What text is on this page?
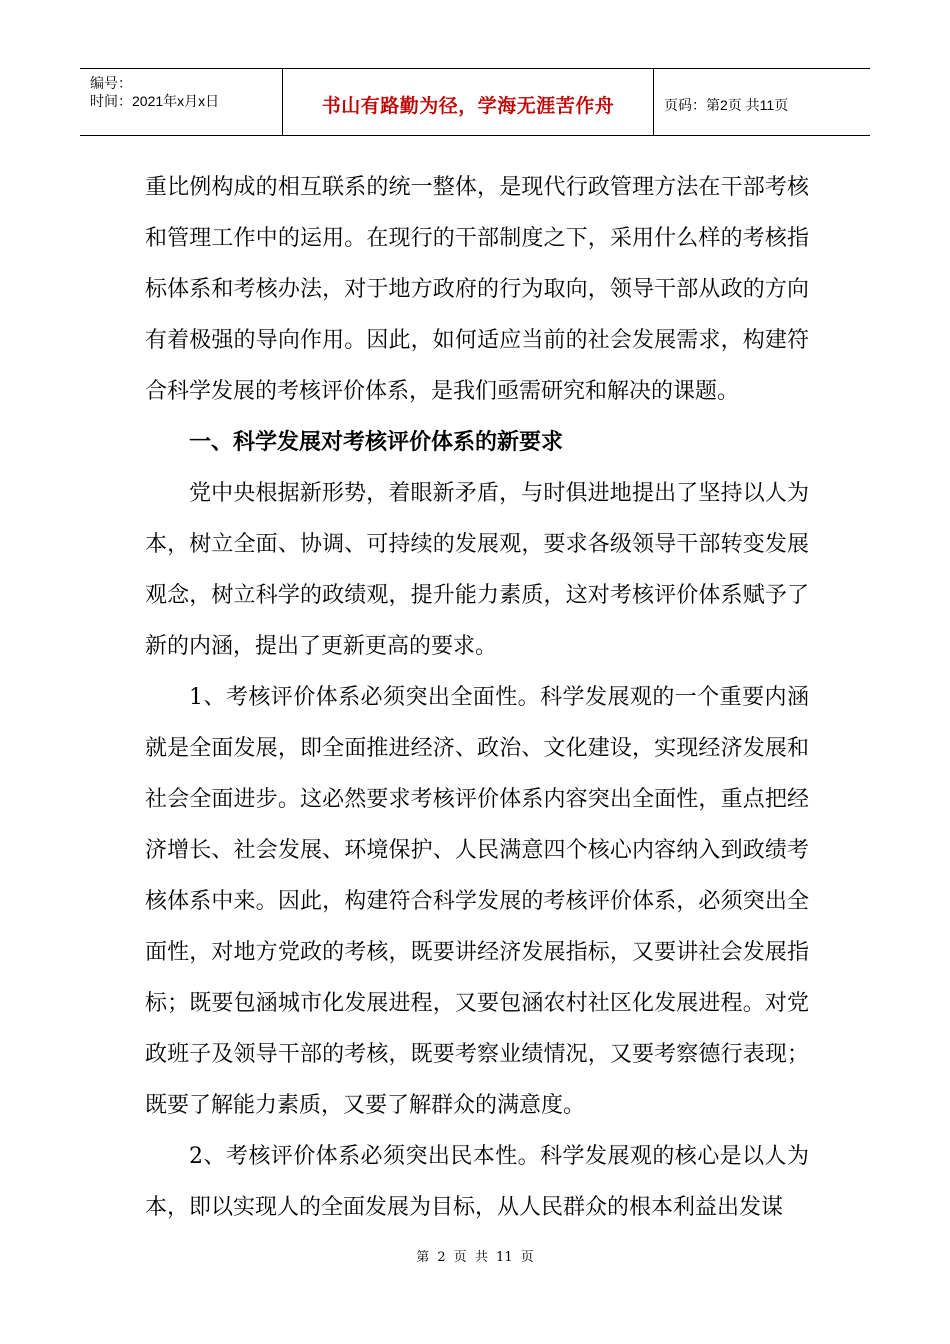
编号：
时间：2021年x月x日	书山有路勤为径，学海无涯苦作舟	页码：第2页 共11页

重比例构成的相互联系的统一整体，是现代行政管理方法在干部考核和管理工作中的运用。在现行的干部制度之下，采用什么样的考核指标体系和考核办法，对于地方政府的行为取向，领导干部从政的方向有着极强的导向作用。因此，如何适应当前的社会发展需求，构建符合科学发展的考核评价体系，是我们亟需研究和解决的课题。

一、科学发展对考核评价体系的新要求

党中央根据新形势，着眼新矛盾，与时俱进地提出了坚持以人为本，树立全面、协调、可持续的发展观，要求各级领导干部转变发展观念，树立科学的政绩观，提升能力素质，这对考核评价体系赋予了新的内涵，提出了更新更高的要求。

1、考核评价体系必须突出全面性。科学发展观的一个重要内涵就是全面发展，即全面推进经济、政治、文化建设，实现经济发展和社会全面进步。这必然要求考核评价体系内容突出全面性，重点把经济增长、社会发展、环境保护、人民满意四个核心内容纳入到政绩考核体系中来。因此，构建符合科学发展的考核评价体系，必须突出全面性，对地方党政的考核，既要讲经济发展指标，又要讲社会发展指标；既要包涵城市化发展进程，又要包涵农村社区化发展进程。对党政班子及领导干部的考核，既要考察业绩情况，又要考察德行表现；既要了解能力素质，又要了解群众的满意度。

2、考核评价体系必须突出民本性。科学发展观的核心是以人为本，即以实现人的全面发展为目标，从人民群众的根本利益出发谋

第 2 页 共 11 页
